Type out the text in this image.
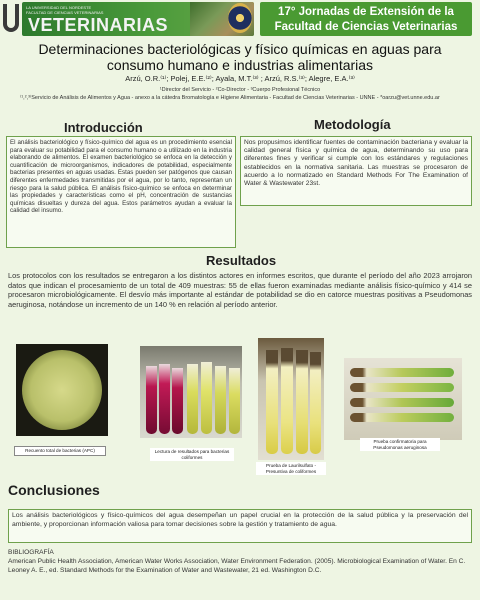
LA UNIVERSIDAD DEL NORDESTE
FACULTAD DE CIENCIAS VETERINARIAS
VETERINARIAS
17° Jornadas de Extensión de la
Facultad de Ciencias Veterinarias
Determinaciones bacteriológicas y físico químicas en aguas para consumo humano e industrias alimentarias
Arzú, O.R.⁽¹⁾; Polej, E.E.⁽²⁾; Ayala, M.T.⁽³⁾ ; Arzú, R.S.⁽³⁾; Alegre, E.A.⁽³⁾
¹Director del Servicio - ²Co-Director - ³Cuerpo Profesional Técnico
⁽¹,²,³⁾Servicio de Análisis de Alimentos y Agua - anexo a la cátedra Bromatología e Higiene Alimentaria - Facultad de Ciencias Veterinarias - UNNE - *oarzu@vet.unne.edu.ar
Introducción
El análisis bacteriológico y físico-químico del agua es un procedimiento esencial para evaluar su potabilidad para el consumo humano o a utilizado en la industria elaborando de alimentos. El examen bacteriológico se enfoca en la detección y cuantificación de microorganismos, indicadores de potabilidad, especialmente bacterias presentes en aguas usadas. Estas pueden ser patógenos que causan diferentes enfermedades transmitidas por el agua, por lo tanto, representan un riesgo para la salud pública. El análisis físico-químico se enfoca en determinar las propiedades y características como el pH, concentración de sustancias químicas disueltas y dureza del agua. Estos parámetros ayudan a evaluar la calidad del insumo.
Metodología
Nos propusimos identificar fuentes de contaminación bacteriana y evaluar la calidad general física y química de agua, determinando su uso para diferentes fines y verificar si cumple con los estándares y regulaciones establecidos en la normativa sanitaria. Las muestras se procesaron de acuerdo a lo normatizado en Standard Methods For The Examination of Water & Wastewater 23st.
Resultados
Los protocolos con los resultados se entregaron a los distintos actores en informes escritos, que durante el período del año 2023 arrojaron datos que indican el procesamiento de un total de 409 muestras: 55 de ellas fueron examinadas mediante análisis físico-químico y 414 se procesaron microbiológicamente. El desvío más importante al estándar de potabilidad se dio en catorce muestras positivas a Pseudomonas aeruginosa, notándose un incremento de un 140 % en relación al período anterior.
Recuento total de bacterias (APC)	Lectura de resultados para bacterias coliformes
Prueba de Laurilsulfato - Presuntiva de coliformes
Prueba confirmatoria para Pseudomonas aeruginosa
Conclusiones
Los análisis bacteriológicos y físico-químicos del agua desempeñan un papel crucial en la protección de la salud pública y la preservación del ambiente, y proporcionan información valiosa para tomar decisiones sobre la gestión y tratamiento de agua.
BIBLIOGRAFÍA
American Public Health Association, American Water Works Association, Water Environment Federation. (2005). Microbiological Examination of Water. En C. Leoney A. E., ed. Standard Methods for the Examination of Water and Wastewater, 21 ed. Washington D.C.
